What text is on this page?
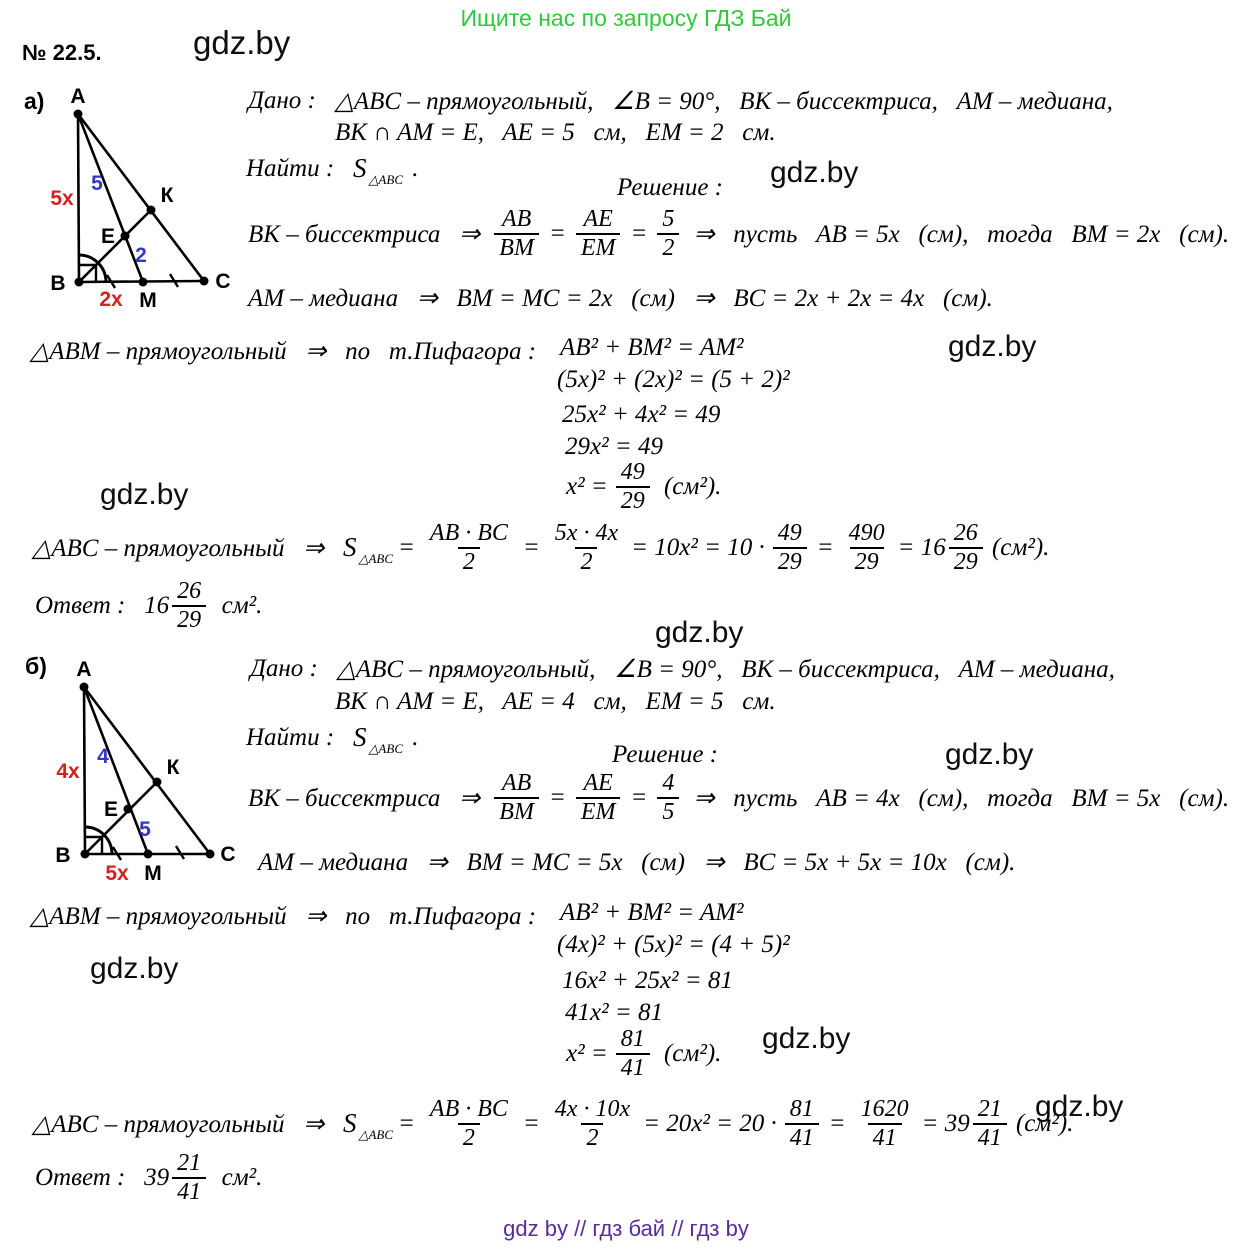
Ищите нас по запросу ГДЗ Бай
№ 22.5.	gdz.by
а) A
B	C
M
К
E
5x
5
2
2x
Дано : △ABC – прямоугольный,   ∠B = 90°,   BK – биссектриса,   AM – медиана,
BK ∩ AM = E,   AE = 5   см,   EM = 2   см.
Найти : S △ABC .
Решение : gdz.by
BK – биссектриса   ⇒ $\frac{AB}{BM} = \frac{AE}{EM} = \frac{5}{2}$ ⇒   пусть   AB = 5x   (см),   тогда   BM = 2x   (см).
AM – медиана   ⇒   BM = MC = 2x   (см)   ⇒   BC = 2x + 2x = 4x   (см).
△ABM – прямоугольный   ⇒   по   т.Пифагора : AB² + BM² = AM²
(5x)² + (2x)² = (5 + 2)²
25x² + 4x² = 49
29x² = 49
$x^2 = \frac{49}{29} (см^2)$.
gdz.by
gdz.by
△ABC – прямоугольный   ⇒ S △ABC = $\frac{AB \cdot BC}{2} = \frac{5x \cdot 4x}{2} = 10x^2 = 10 \cdot \frac{49}{29} = \frac{490}{29} = 16 \frac{26}{29} (см^2)$.
Ответ : $16 \frac{26}{29} см^2$.
gdz.by
б) A
B	C
M
К
E
4x
4
5
5x
Дано : △ABC – прямоугольный,   ∠B = 90°,   BK – биссектриса,   AM – медиана,
BK ∩ AM = E,   AE = 4   см,   EM = 5   см.
Найти : S △ABC .
Решение :	gdz.by
BK – биссектриса   ⇒ $\frac{AB}{BM} = \frac{AE}{EM} = \frac{4}{5}$ ⇒   пусть   AB = 4x   (см),   тогда   BM = 5x   (см).
AM – медиана   ⇒   BM = MC = 5x   (см)   ⇒   BC = 5x + 5x = 10x   (см).
△ABM – прямоугольный   ⇒   по   т.Пифагора : AB² + BM² = AM²
(4x)² + (5x)² = (4 + 5)²
16x² + 25x² = 81
41x² = 81
$x^2 = \frac{81}{41} (см^2)$.
gdz.by
gdz.by
△ABC – прямоугольный   ⇒ S △ABC = $\frac{AB \cdot BC}{2} = \frac{4x \cdot 10x}{2} = 20x^2 = 20 \cdot \frac{81}{41} = \frac{1620}{41} = 39 \frac{21}{41} (см^2)$.
gdz.by
Ответ : $39 \frac{21}{41} см^2$.
gdz by // гдз бай // гдз by
